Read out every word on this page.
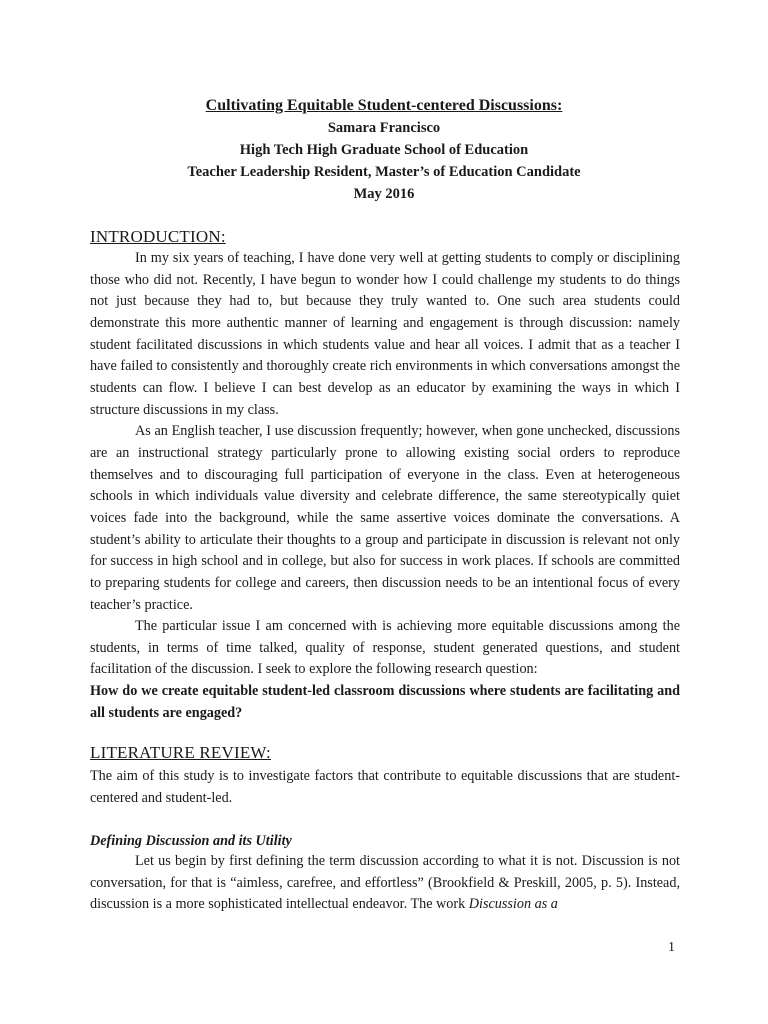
Cultivating Equitable Student-centered Discussions:

Samara Francisco

High Tech High Graduate School of Education

Teacher Leadership Resident, Master’s of Education Candidate

May 2016

INTRODUCTION:

In my six years of teaching, I have done very well at getting students to comply or disciplining those who did not. Recently, I have begun to wonder how I could challenge my students to do things not just because they had to, but because they truly wanted to. One such area students could demonstrate this more authentic manner of learning and engagement is through discussion: namely student facilitated discussions in which students value and hear all voices. I admit that as a teacher I have failed to consistently and thoroughly create rich environments in which conversations amongst the students can flow. I believe I can best develop as an educator by examining the ways in which I structure discussions in my class.

As an English teacher, I use discussion frequently; however, when gone unchecked, discussions are an instructional strategy particularly prone to allowing existing social orders to reproduce themselves and to discouraging full participation of everyone in the class. Even at heterogeneous schools in which individuals value diversity and celebrate difference, the same stereotypically quiet voices fade into the background, while the same assertive voices dominate the conversations. A student’s ability to articulate their thoughts to a group and participate in discussion is relevant not only for success in high school and in college, but also for success in work places. If schools are committed to preparing students for college and careers, then discussion needs to be an intentional focus of every teacher’s practice.

The particular issue I am concerned with is achieving more equitable discussions among the students, in terms of time talked, quality of response, student generated questions, and student facilitation of the discussion. I seek to explore the following research question:

How do we create equitable student-led classroom discussions where students are facilitating and all students are engaged?

LITERATURE REVIEW:

The aim of this study is to investigate factors that contribute to equitable discussions that are student-centered and student-led.

Defining Discussion and its Utility

Let us begin by first defining the term discussion according to what it is not. Discussion is not conversation, for that is “aimless, carefree, and effortless” (Brookfield & Preskill, 2005, p. 5). Instead, discussion is a more sophisticated intellectual endeavor. The work Discussion as a

1
